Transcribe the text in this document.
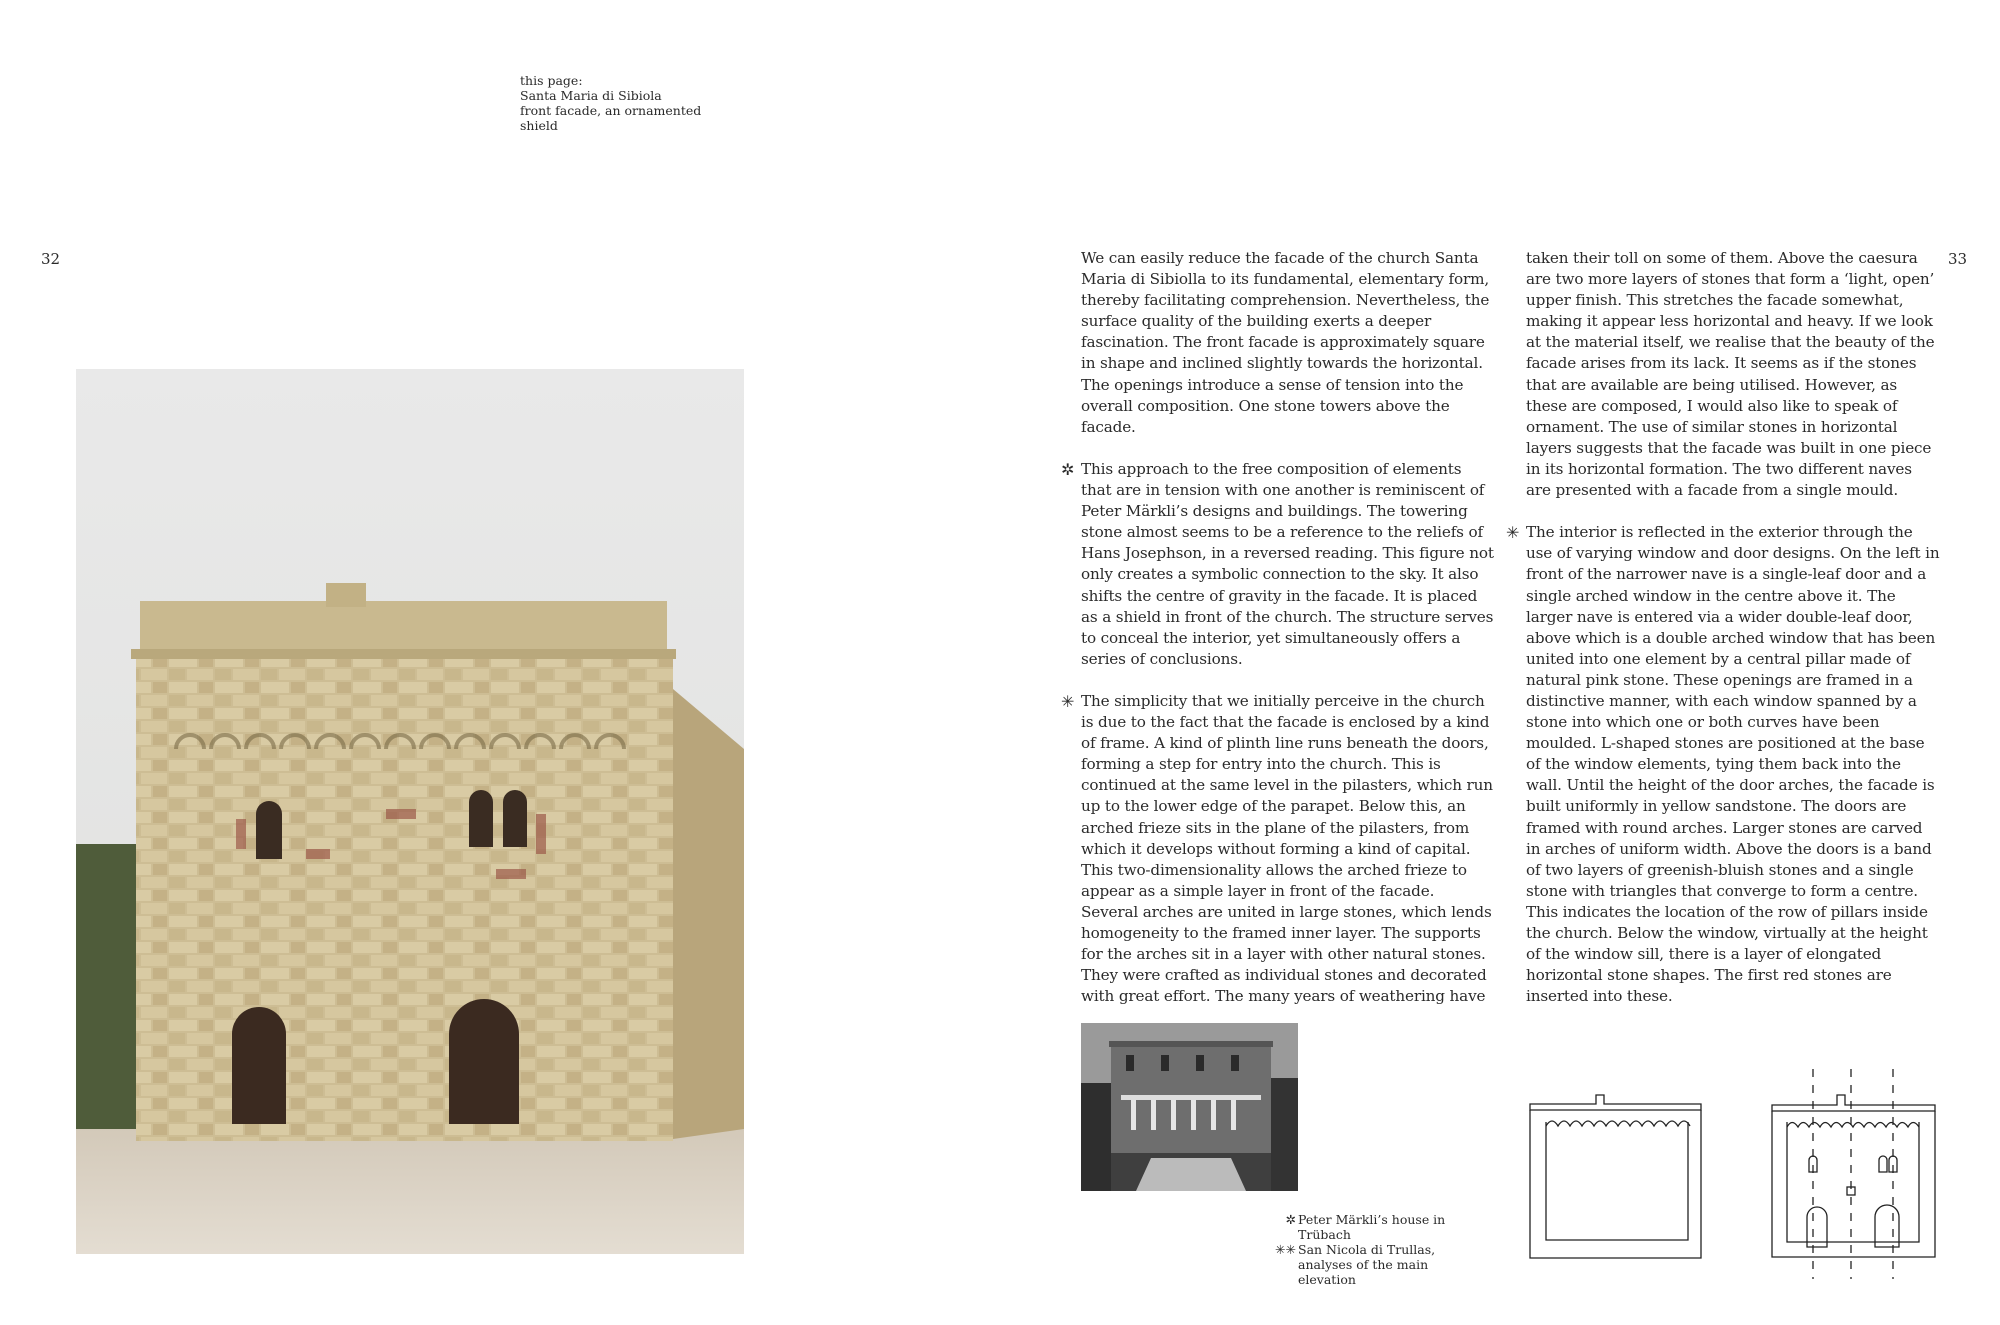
this page:
Santa Maria di Sibiola
front facade, an ornamented
shield
32	33

We can easily reduce the facade of the church Santa Maria di Sibiolla to its fundamental, elementary form, thereby facilitating comprehension. Nevertheless, the surface quality of the building exerts a deeper fascination. The front facade is approximately square in shape and inclined slightly towards the horizontal. The openings introduce a sense of tension into the overall composition. One stone towers above the facade.

✲ This approach to the free composition of elements that are in tension with one another is reminiscent of Peter Märkli’s designs and buildings. The towering stone almost seems to be a reference to the reliefs of Hans Josephson, in a reversed reading. This figure not only creates a symbolic connection to the sky. It also shifts the centre of gravity in the facade. It is placed as a shield in front of the church. The structure serves to conceal the interior, yet simultaneously offers a series of conclusions.

✳ The simplicity that we initially perceive in the church is due to the fact that the facade is enclosed by a kind of frame. A kind of plinth line runs beneath the doors, forming a step for entry into the church. This is continued at the same level in the pilasters, which run up to the lower edge of the parapet. Below this, an arched frieze sits in the plane of the pilasters, from which it develops without forming a kind of capital. This two-dimensionality allows the arched frieze to appear as a simple layer in front of the facade. Several arches are united in large stones, which lends homogeneity to the framed inner layer. The supports for the arches sit in a layer with other natural stones. They were crafted as individual stones and decorated with great effort. The many years of weathering have

taken their toll on some of them. Above the caesura are two more layers of stones that form a ‘light, open’ upper finish. This stretches the facade somewhat, making it appear less horizontal and heavy. If we look at the material itself, we realise that the beauty of the facade arises from its lack. It seems as if the stones that are available are being utilised. However, as these are composed, I would also like to speak of ornament. The use of similar stones in horizontal layers suggests that the facade was built in one piece in its horizontal formation. The two different naves are presented with a facade from a single mould.

✳ The interior is reflected in the exterior through the use of varying window and door designs. On the left in front of the narrower nave is a single-leaf door and a single arched window in the centre above it. The larger nave is entered via a wider double-leaf door, above which is a double arched window that has been united into one element by a central pillar made of natural pink stone. These openings are framed in a distinctive manner, with each window spanned by a stone into which one or both curves have been moulded. L-shaped stones are positioned at the base of the window elements, tying them back into the wall. Until the height of the door arches, the facade is built uniformly in yellow sandstone. The doors are framed with round arches. Larger stones are carved in arches of uniform width. Above the doors is a band of two layers of greenish-bluish stones and a single stone with triangles that converge to form a centre. This indicates the location of the row of pillars inside the church. Below the window, virtually at the height of the window sill, there is a layer of elongated horizontal stone shapes. The first red stones are inserted into these.

✲ Peter Märkli’s house in Trübach
✳✳ San Nicola di Trullas,
analyses of the main elevation
